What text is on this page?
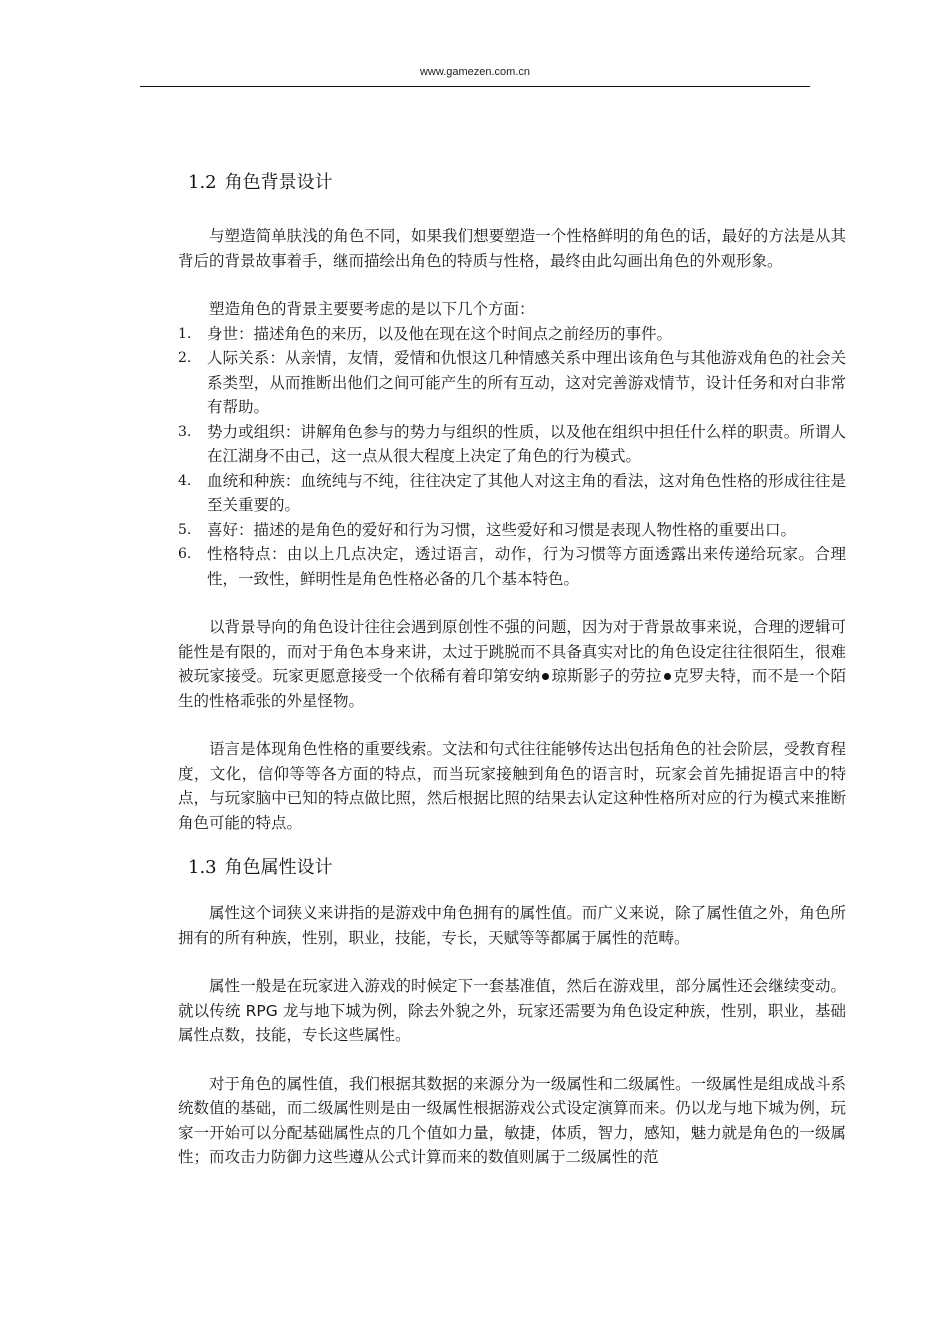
www.gamezen.com.cn
1.2 角色背景设计

与塑造简单肤浅的角色不同，如果我们想要塑造一个性格鲜明的角色的话，最好的方法是从其背后的背景故事着手，继而描绘出角色的特质与性格，最终由此勾画出角色的外观形象。

塑造角色的背景主要要考虑的是以下几个方面：

1. 身世：描述角色的来历，以及他在现在这个时间点之前经历的事件。
2. 人际关系：从亲情，友情，爱情和仇恨这几种情感关系中理出该角色与其他游戏角色的社会关系类型，从而推断出他们之间可能产生的所有互动，这对完善游戏情节，设计任务和对白非常有帮助。
3. 势力或组织：讲解角色参与的势力与组织的性质，以及他在组织中担任什么样的职责。所谓人在江湖身不由己，这一点从很大程度上决定了角色的行为模式。
4. 血统和种族：血统纯与不纯，往往决定了其他人对这主角的看法，这对角色性格的形成往往是至关重要的。
5. 喜好：描述的是角色的爱好和行为习惯，这些爱好和习惯是表现人物性格的重要出口。
6. 性格特点：由以上几点决定，透过语言，动作，行为习惯等方面透露出来传递给玩家。合理性，一致性，鲜明性是角色性格必备的几个基本特色。

以背景导向的角色设计往往会遇到原创性不强的问题，因为对于背景故事来说，合理的逻辑可能性是有限的，而对于角色本身来讲，太过于跳脱而不具备真实对比的角色设定往往很陌生，很难被玩家接受。玩家更愿意接受一个依稀有着印第安纳 琼斯影子的劳拉 克罗夫特，而不是一个陌生的性格乖张的外星怪物。

语言是体现角色性格的重要线索。文法和句式往往能够传达出包括角色的社会阶层，受教育程度，文化，信仰等等各方面的特点，而当玩家接触到角色的语言时，玩家会首先捕捉语言中的特点，与玩家脑中已知的特点做比照，然后根据比照的结果去认定这种性格所对应的行为模式来推断角色可能的特点。

1.3 角色属性设计

属性这个词狭义来讲指的是游戏中角色拥有的属性值。而广义来说，除了属性值之外，角色所拥有的所有种族，性别，职业，技能，专长，天赋等等都属于属性的范畴。

属性一般是在玩家进入游戏的时候定下一套基准值，然后在游戏里，部分属性还会继续变动。就以传统 RPG 龙与地下城为例，除去外貌之外，玩家还需要为角色设定种族，性别，职业，基础属性点数，技能，专长这些属性。

对于角色的属性值，我们根据其数据的来源分为一级属性和二级属性。一级属性是组成战斗系统数值的基础，而二级属性则是由一级属性根据游戏公式设定演算而来。仍以龙与地下城为例，玩家一开始可以分配基础属性点的几个值如力量，敏捷，体质，智力，感知，魅力就是角色的一级属性；而攻击力防御力这些遵从公式计算而来的数值则属于二级属性的范
